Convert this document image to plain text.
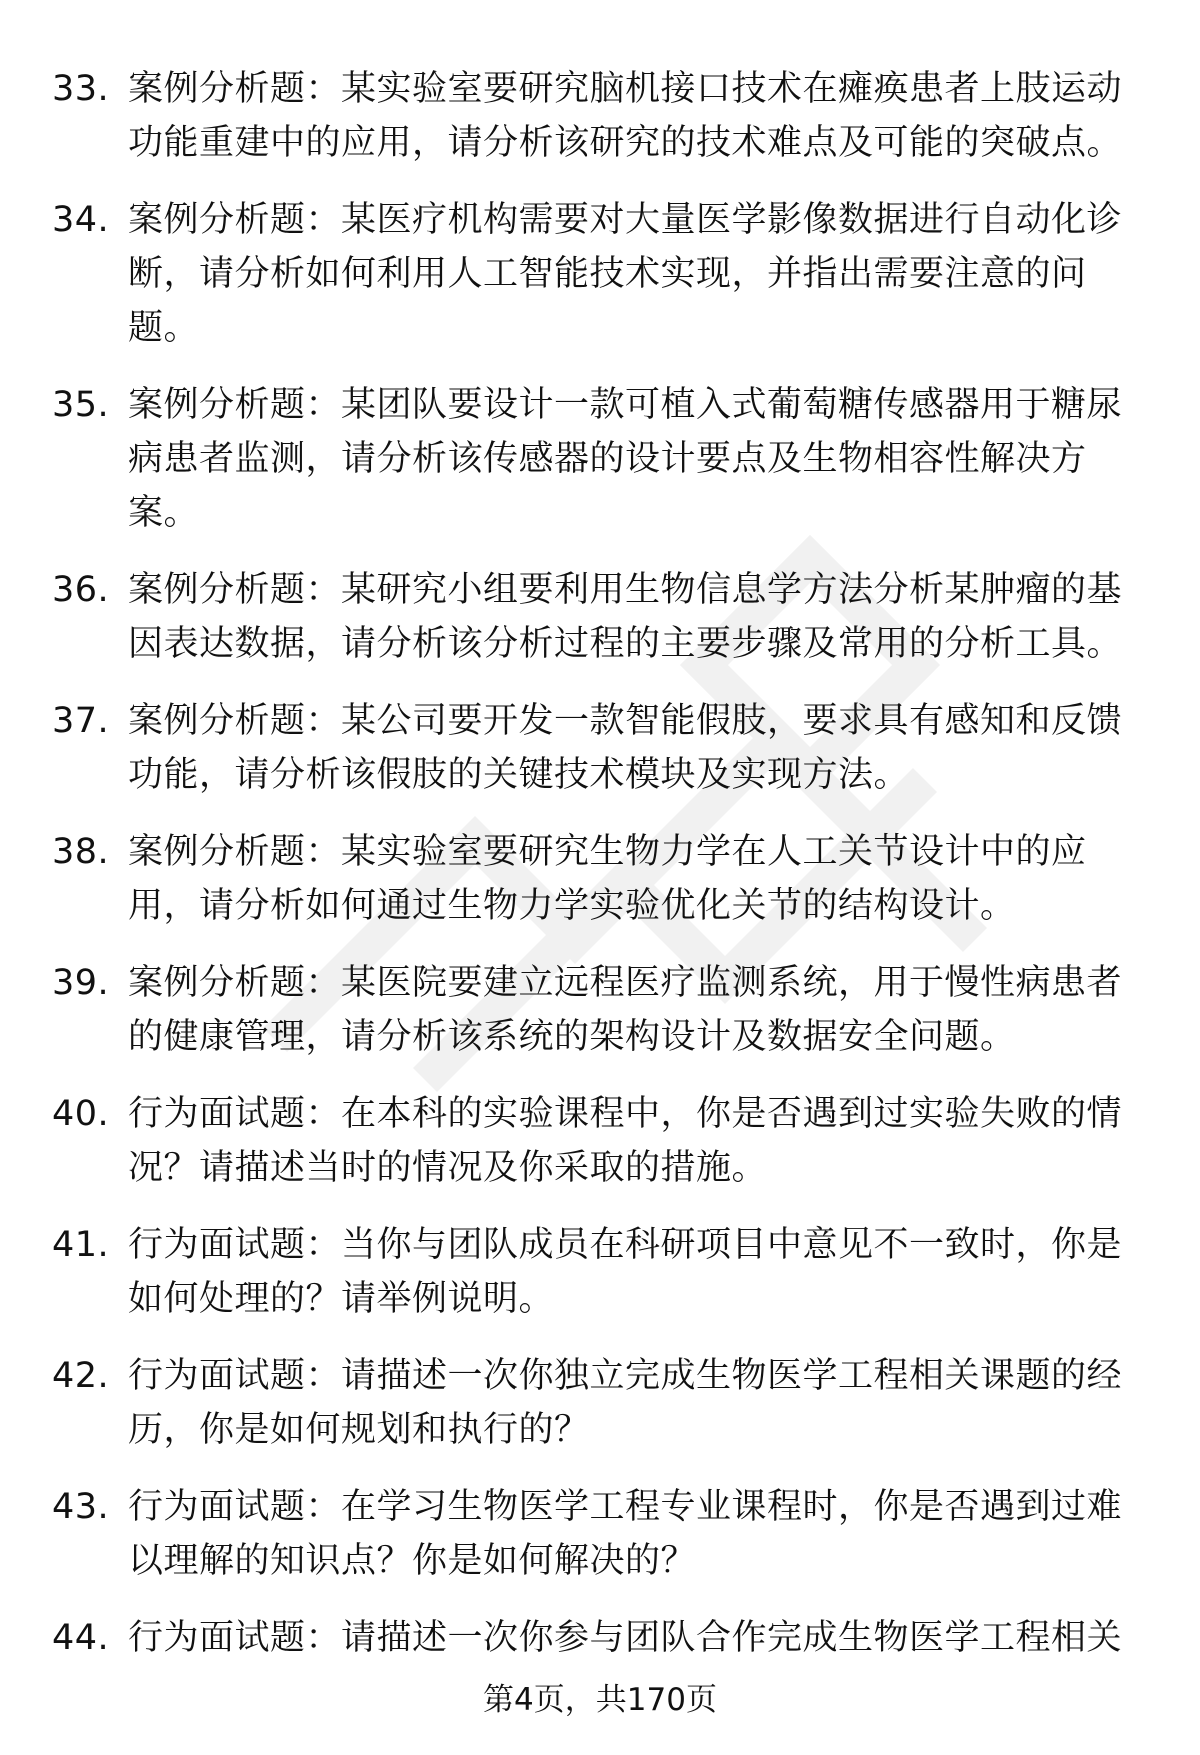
33. 案例分析题：某实验室要研究脑机接口技术在瘫痪患者上肢运动功能重建中的应用，请分析该研究的技术难点及可能的突破点。
34. 案例分析题：某医疗机构需要对大量医学影像数据进行自动化诊断，请分析如何利用人工智能技术实现，并指出需要注意的问题。
35. 案例分析题：某团队要设计一款可植入式葡萄糖传感器用于糖尿病患者监测，请分析该传感器的设计要点及生物相容性解决方案。
36. 案例分析题：某研究小组要利用生物信息学方法分析某肿瘤的基因表达数据，请分析该分析过程的主要步骤及常用的分析工具。
37. 案例分析题：某公司要开发一款智能假肢，要求具有感知和反馈功能，请分析该假肢的关键技术模块及实现方法。
38. 案例分析题：某实验室要研究生物力学在人工关节设计中的应用，请分析如何通过生物力学实验优化关节的结构设计。
39. 案例分析题：某医院要建立远程医疗监测系统，用于慢性病患者的健康管理，请分析该系统的架构设计及数据安全问题。
40. 行为面试题：在本科的实验课程中，你是否遇到过实验失败的情况？请描述当时的情况及你采取的措施。
41. 行为面试题：当你与团队成员在科研项目中意见不一致时，你是如何处理的？请举例说明。
42. 行为面试题：请描述一次你独立完成生物医学工程相关课题的经历，你是如何规划和执行的？
43. 行为面试题：在学习生物医学工程专业课程时，你是否遇到过难以理解的知识点？你是如何解决的？
44. 行为面试题：请描述一次你参与团队合作完成生物医学工程相关
第4页，共170页
